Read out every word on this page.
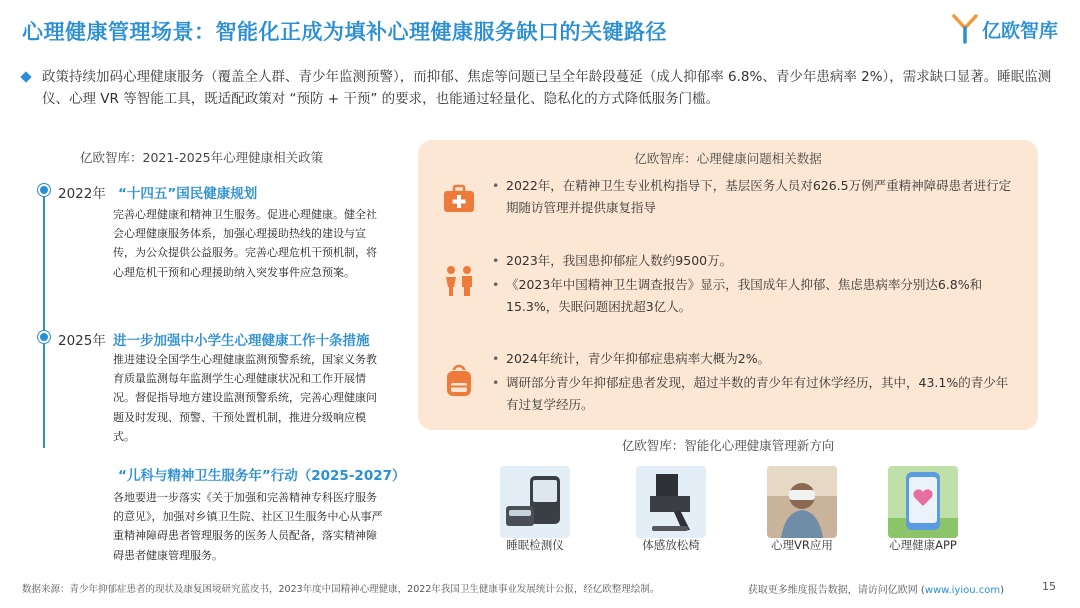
心理健康管理场景：智能化正成为填补心理健康服务缺口的关键路径	亿欧智库
政策持续加码心理健康服务（覆盖全人群、青少年监测预警），而抑郁、焦虑等问题已呈全年龄段蔓延（成人抑郁率 6.8%、青少年患病率 2%），需求缺口显著。睡眠监测仪、心理 VR 等智能工具，既适配政策对 “预防 + 干预” 的要求，也能通过轻量化、隐私化的方式降低服务门槛。
亿欧智库：2021-2025年心理健康相关政策
2022年 “十四五”国民健康规划
完善心理健康和精神卫生服务。促进心理健康。健全社会心理健康服务体系，加强心理援助热线的建设与宣传，为公众提供公益服务。完善心理危机干预机制，将心理危机干预和心理援助纳入突发事件应急预案。
2025年 进一步加强中小学生心理健康工作十条措施
推进建设全国学生心理健康监测预警系统，国家义务教育质量监测每年监测学生心理健康状况和工作开展情况。督促指导地方建设监测预警系统，完善心理健康问题及时发现、预警、干预处置机制，推进分级响应模式。
“儿科与精神卫生服务年”行动（2025-2027）
各地要进一步落实《关于加强和完善精神专科医疗服务的意见》，加强对乡镇卫生院、社区卫生服务中心从事严重精神障碍患者管理服务的医务人员配备，落实精神障碍患者健康管理服务。
亿欧智库：心理健康问题相关数据
• 2022年，在精神卫生专业机构指导下，基层医务人员对626.5万例严重精神障碍患者进行定期随访管理并提供康复指导
• 2023年，我国患抑郁症人数约9500万。
• 《2023年中国精神卫生调查报告》显示，我国成年人抑郁、焦虑患病率分别达6.8%和15.3%，失眠问题困扰超3亿人。
• 2024年统计，青少年抑郁症患病率大概为2%。
• 调研部分青少年抑郁症患者发现，超过半数的青少年有过休学经历，其中，43.1%的青少年有过复学经历。
亿欧智库：智能化心理健康管理新方向
睡眠检测仪	体感放松椅	心理VR应用	心理健康APP
数据来源：青少年抑郁症患者的现状及康复困境研究蓝皮书，2023年度中国精神心理健康，2022年我国卫生健康事业发展统计公报，经亿欧整理绘制。	获取更多维度报告数据，请访问亿欧网 (www.iyiou.com)	15
